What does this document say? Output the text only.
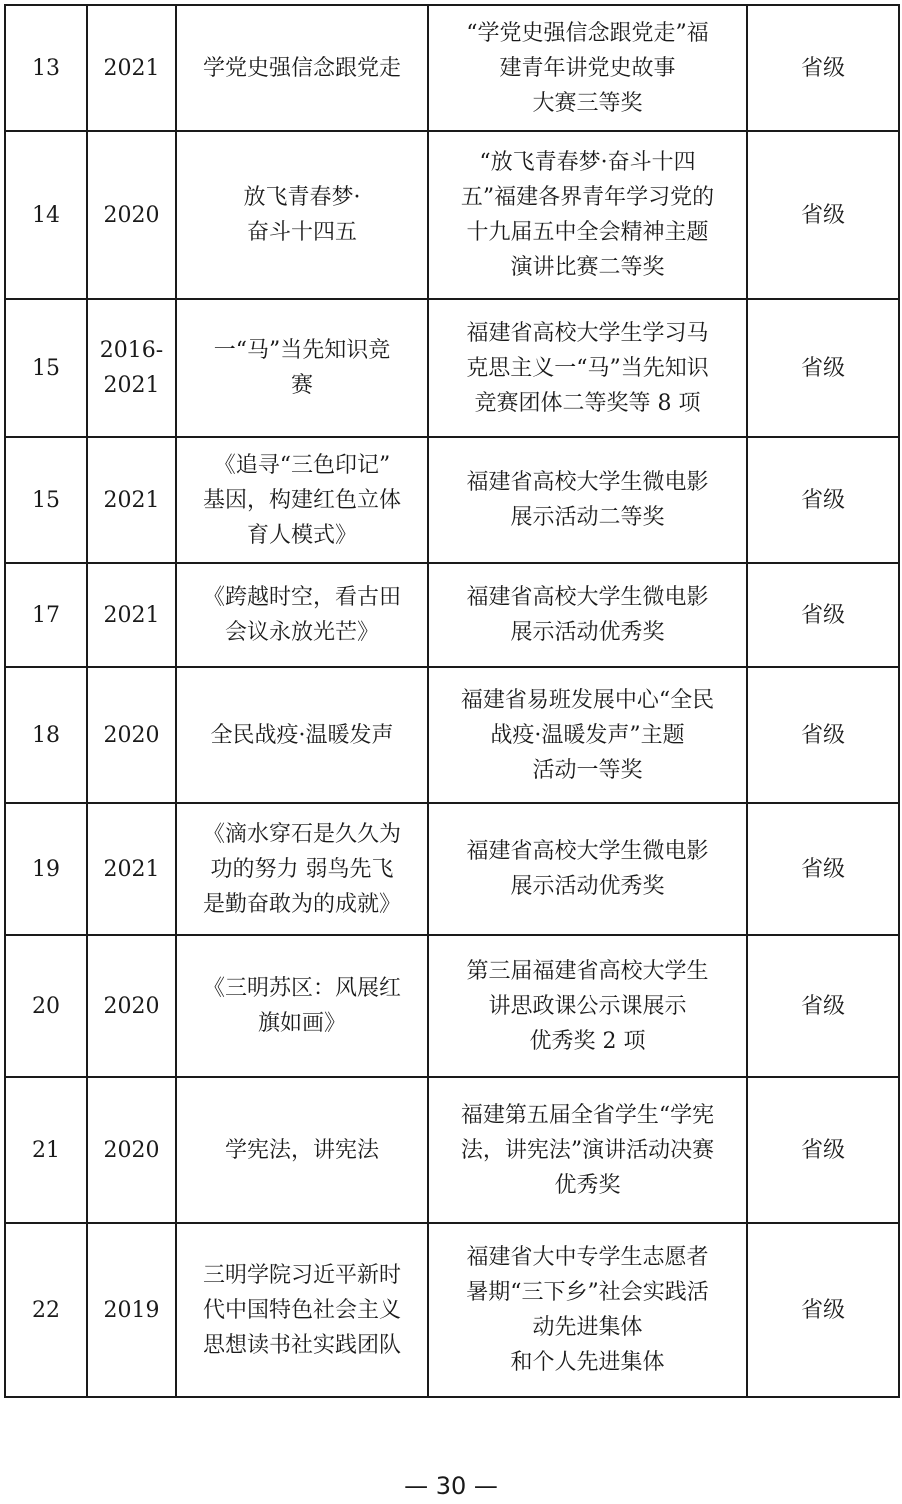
13	2021	学党史强信念跟党走	“学党史强信念跟党走”福
建青年讲党史故事
大赛三等奖	省级
14	2020	放飞青春梦·
奋斗十四五	“放飞青春梦·奋斗十四
五”福建各界青年学习党的
十九届五中全会精神主题
演讲比赛二等奖	省级
15	2016-
2021	一“马”当先知识竞
赛	福建省高校大学生学习马
克思主义一“马”当先知识
竞赛团体二等奖等 8 项	省级
15	2021	《追寻“三色印记”
基因，构建红色立体
育人模式》	福建省高校大学生微电影
展示活动二等奖	省级
17	2021	《跨越时空，看古田
会议永放光芒》	福建省高校大学生微电影
展示活动优秀奖	省级
18	2020	全民战疫·温暖发声	福建省易班发展中心“全民
战疫·温暖发声”主题
活动一等奖	省级
19	2021	《滴水穿石是久久为
功的努力 弱鸟先飞
是勤奋敢为的成就》	福建省高校大学生微电影
展示活动优秀奖	省级
20	2020	《三明苏区：风展红
旗如画》	第三届福建省高校大学生
讲思政课公示课展示
优秀奖 2 项	省级
21	2020	学宪法，讲宪法	福建第五届全省学生“学宪
法，讲宪法”演讲活动决赛
优秀奖	省级
22	2019	三明学院习近平新时
代中国特色社会主义
思想读书社实践团队	福建省大中专学生志愿者
暑期“三下乡”社会实践活
动先进集体
和个人先进集体	省级
— 30 —
